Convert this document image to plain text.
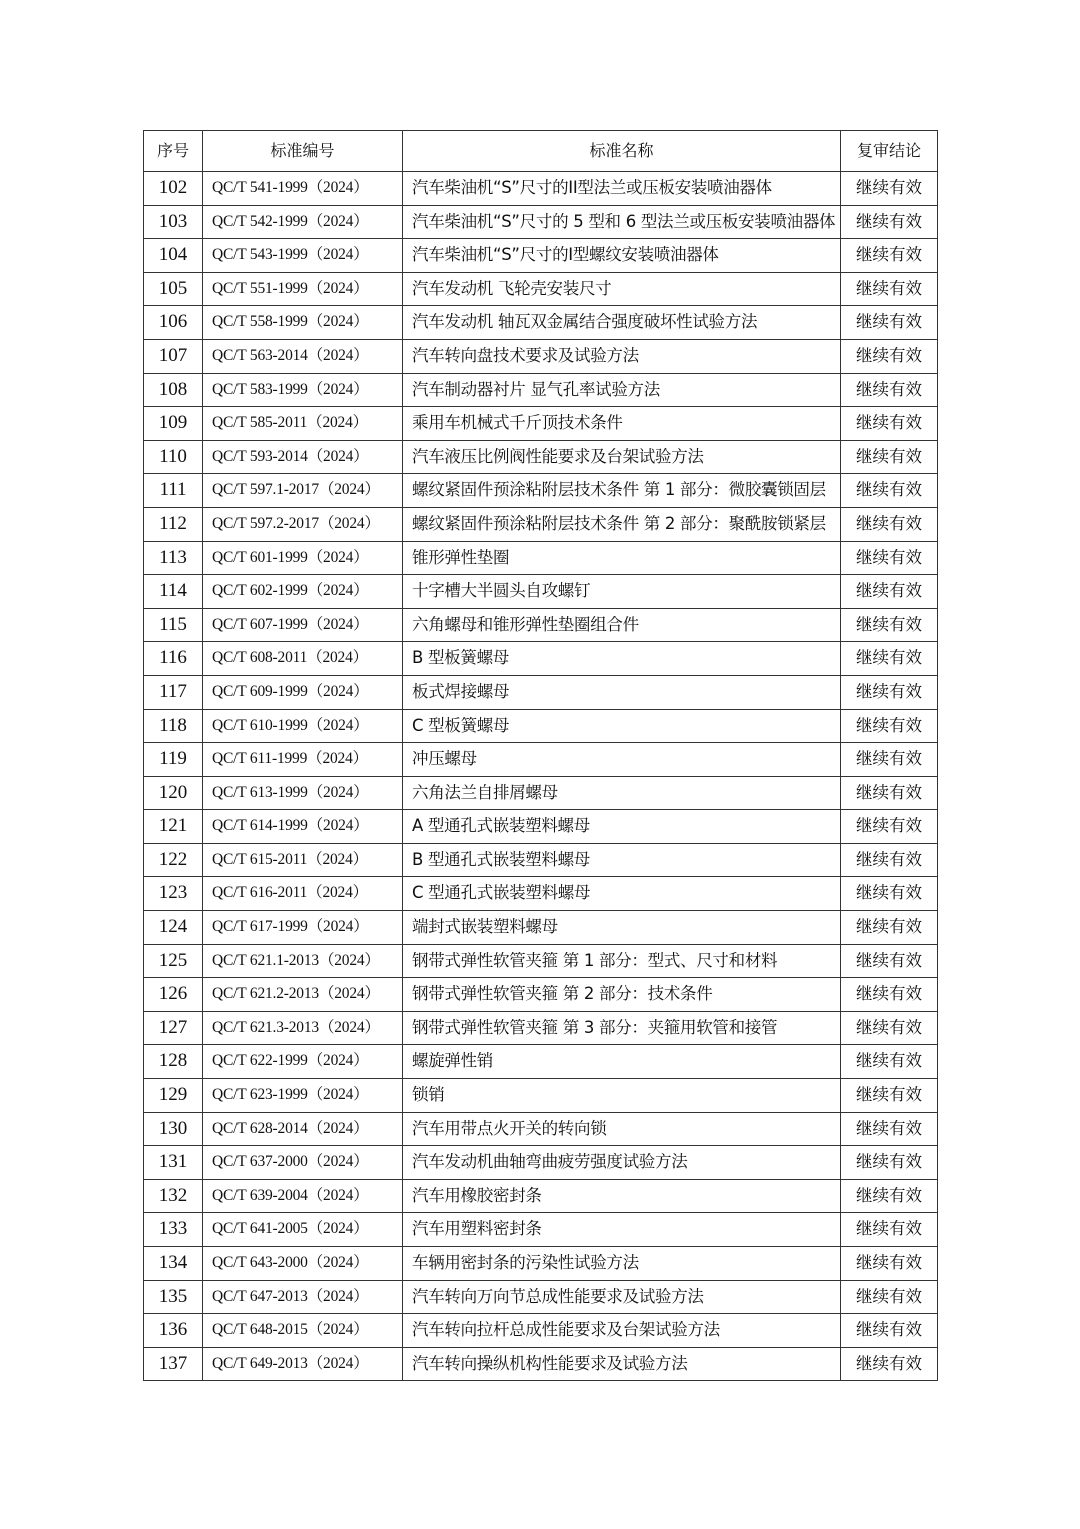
序号	标准编号	标准名称	复审结论
102	QC/T 541-1999（2024）	汽车柴油机“S”尺寸的II型法兰或压板安装喷油器体	继续有效
103	QC/T 542-1999（2024）	汽车柴油机“S”尺寸的 5 型和 6 型法兰或压板安装喷油器体	继续有效
104	QC/T 543-1999（2024）	汽车柴油机“S”尺寸的I型螺纹安装喷油器体	继续有效
105	QC/T 551-1999（2024）	汽车发动机 飞轮壳安装尺寸	继续有效
106	QC/T 558-1999（2024）	汽车发动机 轴瓦双金属结合强度破坏性试验方法	继续有效
107	QC/T 563-2014（2024）	汽车转向盘技术要求及试验方法	继续有效
108	QC/T 583-1999（2024）	汽车制动器衬片 显气孔率试验方法	继续有效
109	QC/T 585-2011（2024）	乘用车机械式千斤顶技术条件	继续有效
110	QC/T 593-2014（2024）	汽车液压比例阀性能要求及台架试验方法	继续有效
111	QC/T 597.1-2017（2024）	螺纹紧固件预涂粘附层技术条件 第 1 部分：微胶囊锁固层	继续有效
112	QC/T 597.2-2017（2024）	螺纹紧固件预涂粘附层技术条件 第 2 部分：聚酰胺锁紧层	继续有效
113	QC/T 601-1999（2024）	锥形弹性垫圈	继续有效
114	QC/T 602-1999（2024）	十字槽大半圆头自攻螺钉	继续有效
115	QC/T 607-1999（2024）	六角螺母和锥形弹性垫圈组合件	继续有效
116	QC/T 608-2011（2024）	B 型板簧螺母	继续有效
117	QC/T 609-1999（2024）	板式焊接螺母	继续有效
118	QC/T 610-1999（2024）	C 型板簧螺母	继续有效
119	QC/T 611-1999（2024）	冲压螺母	继续有效
120	QC/T 613-1999（2024）	六角法兰自排屑螺母	继续有效
121	QC/T 614-1999（2024）	A 型通孔式嵌装塑料螺母	继续有效
122	QC/T 615-2011（2024）	B 型通孔式嵌装塑料螺母	继续有效
123	QC/T 616-2011（2024）	C 型通孔式嵌装塑料螺母	继续有效
124	QC/T 617-1999（2024）	端封式嵌装塑料螺母	继续有效
125	QC/T 621.1-2013（2024）	钢带式弹性软管夹箍 第 1 部分：型式、尺寸和材料	继续有效
126	QC/T 621.2-2013（2024）	钢带式弹性软管夹箍 第 2 部分：技术条件	继续有效
127	QC/T 621.3-2013（2024）	钢带式弹性软管夹箍 第 3 部分：夹箍用软管和接管	继续有效
128	QC/T 622-1999（2024）	螺旋弹性销	继续有效
129	QC/T 623-1999（2024）	锁销	继续有效
130	QC/T 628-2014（2024）	汽车用带点火开关的转向锁	继续有效
131	QC/T 637-2000（2024）	汽车发动机曲轴弯曲疲劳强度试验方法	继续有效
132	QC/T 639-2004（2024）	汽车用橡胶密封条	继续有效
133	QC/T 641-2005（2024）	汽车用塑料密封条	继续有效
134	QC/T 643-2000（2024）	车辆用密封条的污染性试验方法	继续有效
135	QC/T 647-2013（2024）	汽车转向万向节总成性能要求及试验方法	继续有效
136	QC/T 648-2015（2024）	汽车转向拉杆总成性能要求及台架试验方法	继续有效
137	QC/T 649-2013（2024）	汽车转向操纵机构性能要求及试验方法	继续有效
